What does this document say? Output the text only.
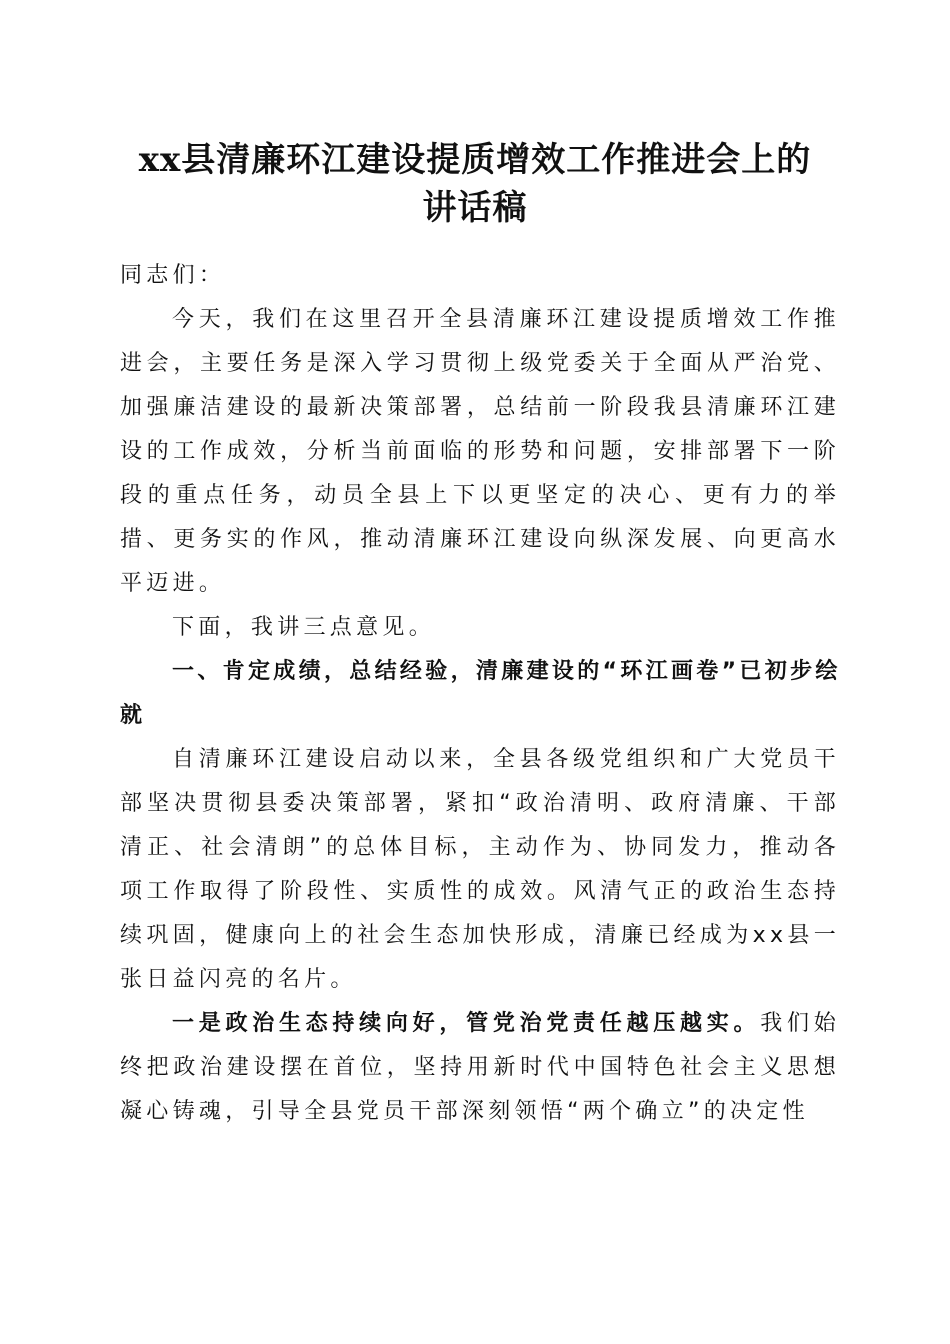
xx县清廉环江建设提质增效工作推进会上的
讲话稿

同志们：

今天，我们在这里召开全县清廉环江建设提质增效工作推进会，主要任务是深入学习贯彻上级党委关于全面从严治党、加强廉洁建设的最新决策部署，总结前一阶段我县清廉环江建设的工作成效，分析当前面临的形势和问题，安排部署下一阶段的重点任务，动员全县上下以更坚定的决心、更有力的举措、更务实的作风，推动清廉环江建设向纵深发展、向更高水平迈进。

下面，我讲三点意见。

一、肯定成绩，总结经验，清廉建设的“环江画卷”已初步绘就

自清廉环江建设启动以来，全县各级党组织和广大党员干部坚决贯彻县委决策部署，紧扣“政治清明、政府清廉、干部清正、社会清朗”的总体目标，主动作为、协同发力，推动各项工作取得了阶段性、实质性的成效。风清气正的政治生态持续巩固，健康向上的社会生态加快形成，清廉已经成为xx县一张日益闪亮的名片。

一是政治生态持续向好，管党治党责任越压越实。我们始终把政治建设摆在首位，坚持用新时代中国特色社会主义思想凝心铸魂，引导全县党员干部深刻领悟“两个确立”的决定性
